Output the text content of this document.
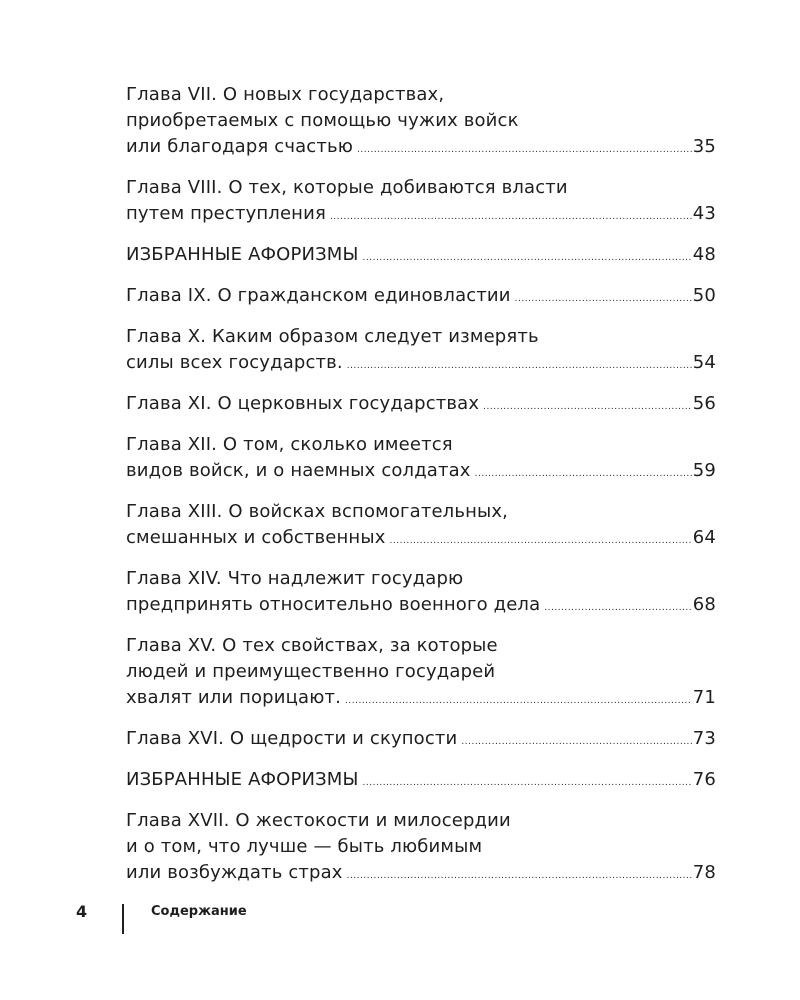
Глава VII. О новых государствах,
приобретаемых с помощью чужих войск
или благодаря счастью .....	35
Глава VIII. О тех, которые добиваются власти
путем преступления .....	43
ИЗБРАННЫЕ АФОРИЗМЫ .....	48
Глава IX. О гражданском единовластии .....	50
Глава X. Каким образом следует измерять
силы всех государств. .....	54
Глава XI. О церковных государствах .....	56
Глава XII. О том, сколько имеется
видов войск, и о наемных солдатах .....	59
Глава XIII. О войсках вспомогательных,
смешанных и собственных .....	64
Глава XIV. Что надлежит государю
предпринять относительно военного дела .....	68
Глава XV. О тех свойствах, за которые
людей и преимущественно государей
хвалят или порицают. .....	71
Глава XVI. О щедрости и скупости .....	73
ИЗБРАННЫЕ АФОРИЗМЫ .....	76
Глава XVII. О жестокости и милосердии
и о том, что лучше — быть любимым
или возбуждать страх .....	78
4	Содержание
